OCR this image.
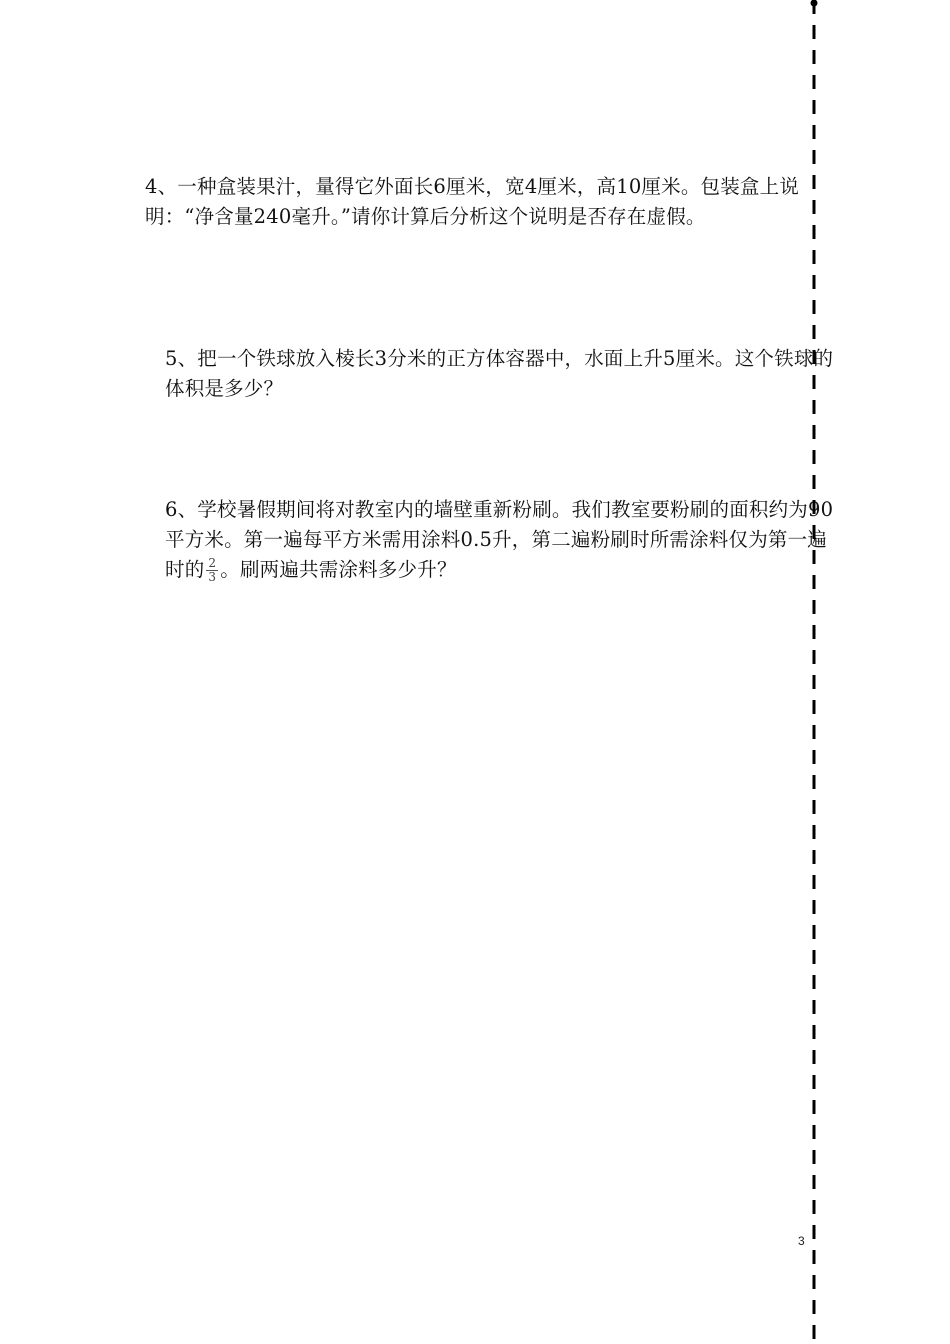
4、一种盒装果汁，量得它外面长6厘米，宽4厘米，高10厘米。包装盒上说明：“净含量240毫升。”请你计算后分析这个说明是否存在虚假。

5、把一个铁球放入棱长3分米的正方体容器中，水面上升5厘米。这个铁球的体积是多少？

6、学校暑假期间将对教室内的墙壁重新粉刷。我们教室要粉刷的面积约为90平方米。第一遍每平方米需用涂料0.5升，第二遍粉刷时所需涂料仅为第一遍时的 $\frac{2}{3}$ 。刷两遍共需涂料多少升？

3
